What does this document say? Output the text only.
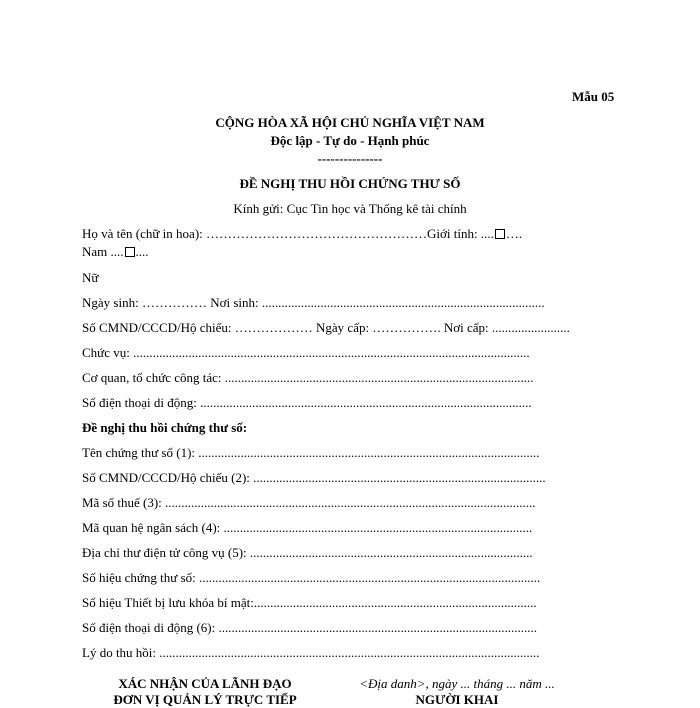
Mẫu 05
CỘNG HÒA XÃ HỘI CHỦ NGHĨA VIỆT NAM
Độc lập - Tự do - Hạnh phúc
---------------
ĐỀ NGHỊ THU HỒI CHỨNG THƯ SỐ
Kính gửi: Cục Tin học và Thống kê tài chính
Họ và tên (chữ in hoa): ……………………………………………Giới tính: .... ….
Nam .... ....
Nữ
Ngày sinh: …………… Nơi sinh: .......................................................................................
Số CMND/CCCD/Hộ chiếu: ……………… Ngày cấp: ……………. Nơi cấp: ........................
Chức vụ: ..........................................................................................................................
Cơ quan, tổ chức công tác: ...............................................................................................
Số điện thoại di động: ......................................................................................................
Đề nghị thu hồi chứng thư số:
Tên chứng thư số (1): .........................................................................................................
Số CMND/CCCD/Hộ chiếu (2): ..........................................................................................
Mã số thuế (3): ..................................................................................................................
Mã quan hệ ngân sách (4): ...............................................................................................
Địa chỉ thư điện tử công vụ (5): .......................................................................................
Số hiệu chứng thư số: .........................................................................................................
Số hiệu Thiết bị lưu khóa bí mật:.......................................................................................
Số điện thoại di động (6): ..................................................................................................
Lý do thu hồi: .....................................................................................................................
XÁC NHẬN CỦA LÃNH ĐẠO
ĐƠN VỊ QUẢN LÝ TRỰC TIẾP
<Địa danh>, ngày ... tháng ... năm ...
NGƯỜI KHAI
